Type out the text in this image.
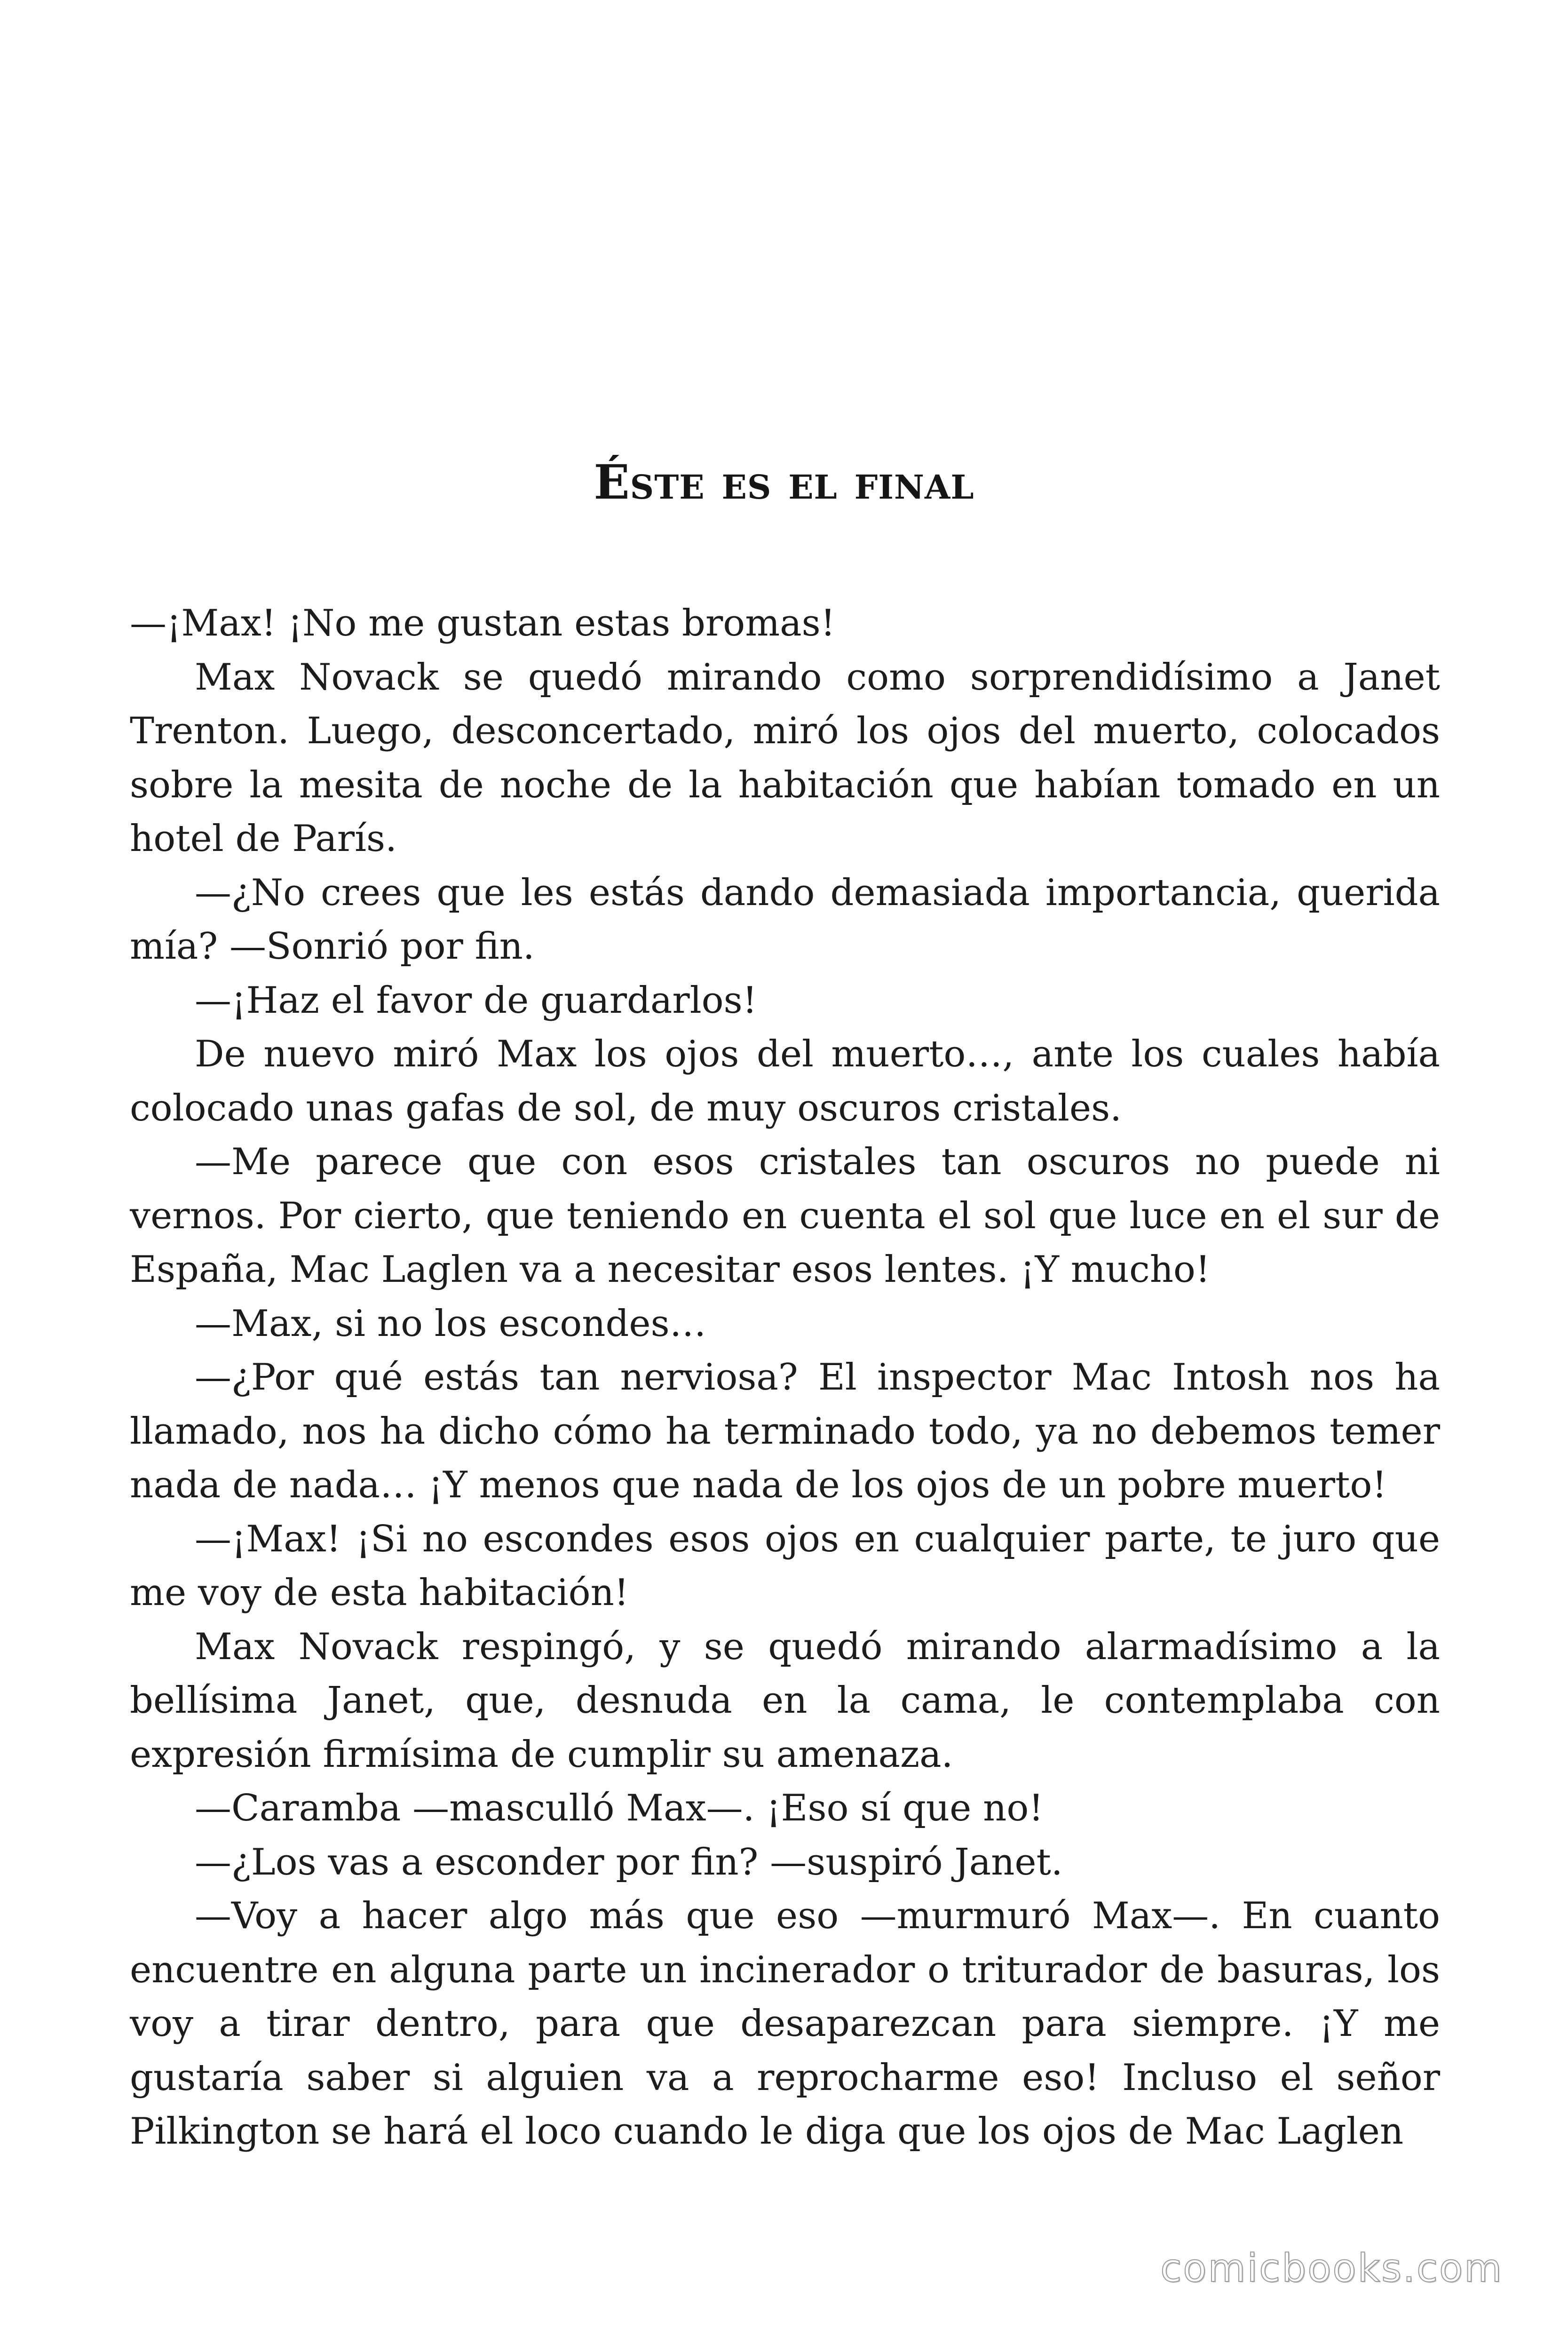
Éste es el final

—¡Max! ¡No me gustan estas bromas!

Max Novack se quedó mirando como sorprendidísimo a Janet Trenton. Luego, desconcertado, miró los ojos del muerto, colocados sobre la mesita de noche de la habitación que habían tomado en un hotel de París.

—¿No crees que les estás dando demasiada importancia, querida mía? —Sonrió por fin.

—¡Haz el favor de guardarlos!

De nuevo miró Max los ojos del muerto…, ante los cuales había colocado unas gafas de sol, de muy oscuros cristales.

—Me parece que con esos cristales tan oscuros no puede ni vernos. Por cierto, que teniendo en cuenta el sol que luce en el sur de España, Mac Laglen va a necesitar esos lentes. ¡Y mucho!

—Max, si no los escondes…

—¿Por qué estás tan nerviosa? El inspector Mac Intosh nos ha llamado, nos ha dicho cómo ha terminado todo, ya no debemos temer nada de nada… ¡Y menos que nada de los ojos de un pobre muerto!

—¡Max! ¡Si no escondes esos ojos en cualquier parte, te juro que me voy de esta habitación!

Max Novack respingó, y se quedó mirando alarmadísimo a la bellísima Janet, que, desnuda en la cama, le contemplaba con expresión firmísima de cumplir su amenaza.

—Caramba —masculló Max—. ¡Eso sí que no!

—¿Los vas a esconder por fin? —suspiró Janet.

—Voy a hacer algo más que eso —murmuró Max—. En cuanto encuentre en alguna parte un incinerador o triturador de basuras, los voy a tirar dentro, para que desaparezcan para siempre. ¡Y me gustaría saber si alguien va a reprocharme eso! Incluso el señor Pilkington se hará el loco cuando le diga que los ojos de Mac Laglen

comicbooks.com
